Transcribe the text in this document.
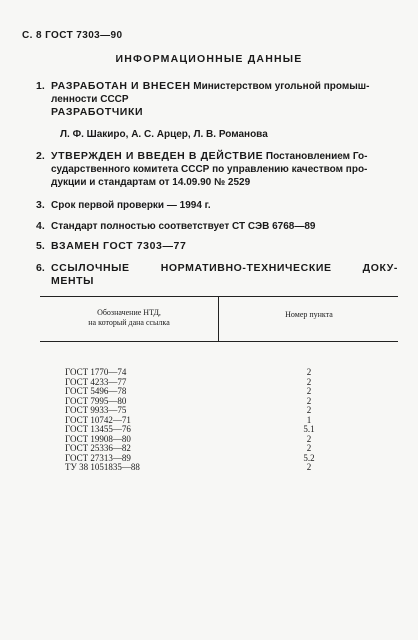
С. 8 ГОСТ 7303—90
ИНФОРМАЦИОННЫЕ ДАННЫЕ
1. РАЗРАБОТАН И ВНЕСЕН Министерством угольной промыш-
ленности СССР
РАЗРАБОТЧИКИ
Л. Ф. Шакиро, А. С. Арцер, Л. В. Романова
2. УТВЕРЖДЕН И ВВЕДЕН В ДЕЙСТВИЕ Постановлением Го-
сударственного комитета СССР по управлению качеством про-
дукции и стандартам от 14.09.90 № 2529
3. Срок первой проверки — 1994 г.
4. Стандарт полностью соответствует СТ СЭВ 6768—89
5. ВЗАМЕН ГОСТ 7303—77
6. ССЫЛОЧНЫЕ	НОРМАТИВНО-ТЕХНИЧЕСКИЕ	ДОКУ-
МЕНТЫ
Обозначение НТД,
на который дана ссылка
Номер пункта
ГОСТ 1770—74	2
ГОСТ 4233—77	2
ГОСТ 5496—78	2
ГОСТ 7995—80	2
ГОСТ 9933—75	2
ГОСТ 10742—71	1
ГОСТ 13455—76	5.1
ГОСТ 19908—80	2
ГОСТ 25336—82	2
ГОСТ 27313—89	5.2
ТУ 38 1051835—88	2
